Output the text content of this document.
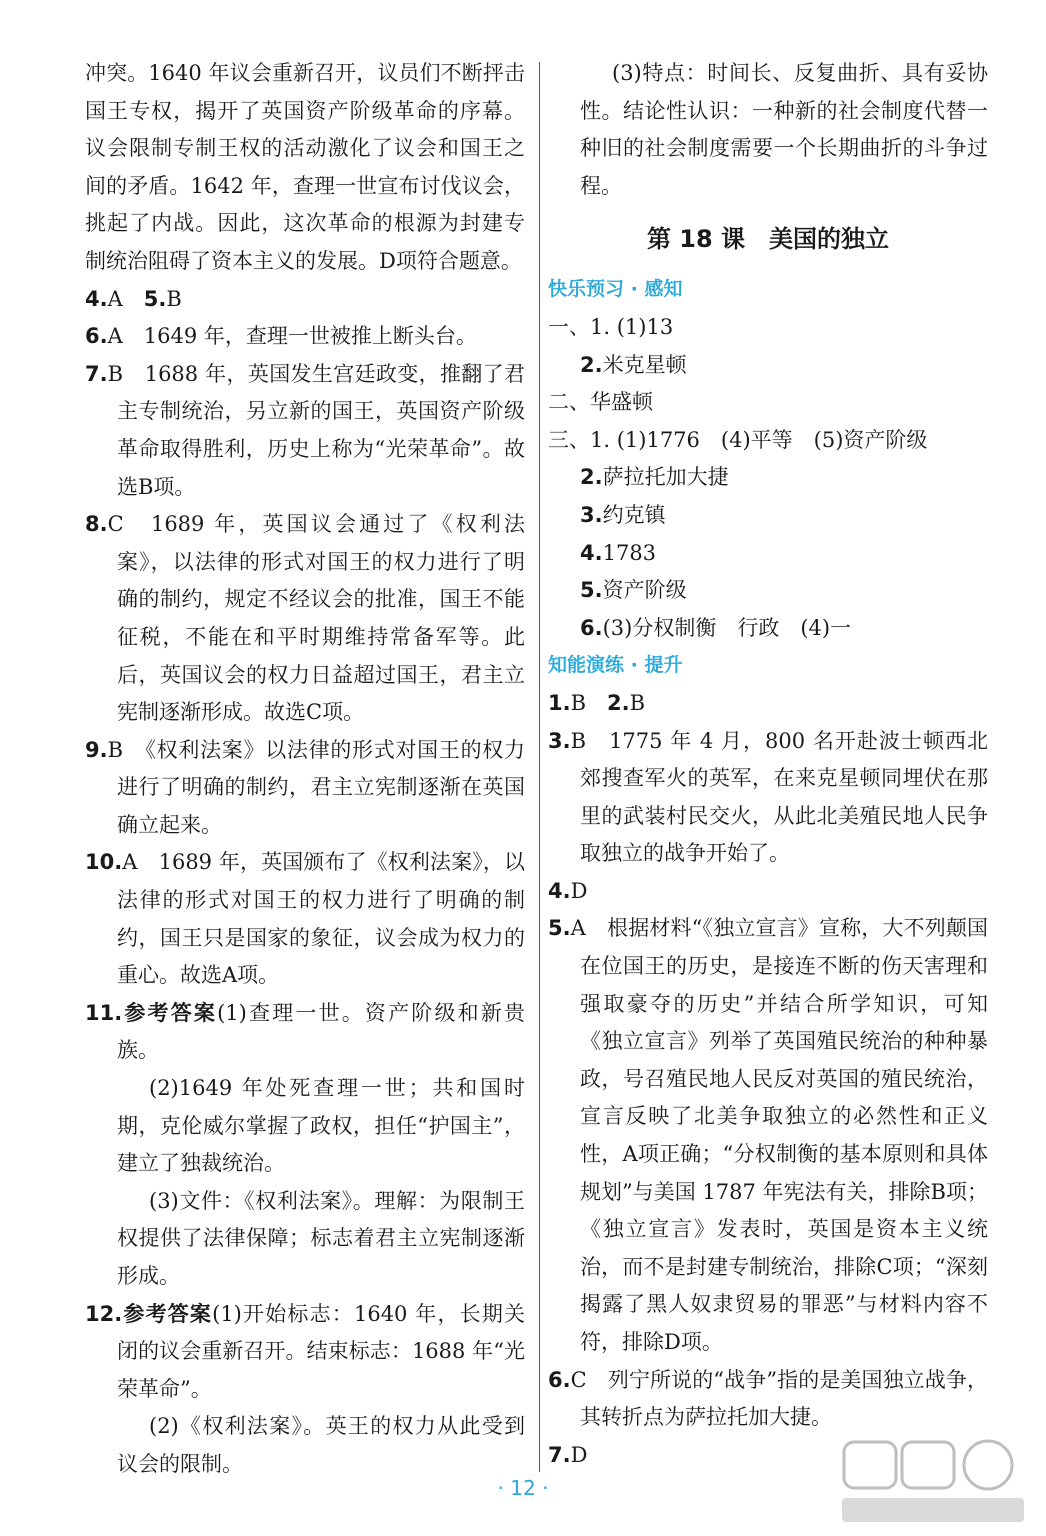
冲突。1640 年议会重新召开，议员们不断抨击国王专权，揭开了英国资产阶级革命的序幕。议会限制专制王权的活动激化了议会和国王之间的矛盾。1642 年，查理一世宣布讨伐议会，挑起了内战。因此，这次革命的根源为封建专制统治阻碍了资本主义的发展。D项符合题意。

4.A　5.B

6.A　1649 年，查理一世被推上断头台。

7.B　1688 年，英国发生宫廷政变，推翻了君主专制统治，另立新的国王，英国资产阶级革命取得胜利，历史上称为“光荣革命”。故选B项。

8.C　1689 年，英国议会通过了《权利法案》，以法律的形式对国王的权力进行了明确的制约，规定不经议会的批准，国王不能征税，不能在和平时期维持常备军等。此后，英国议会的权力日益超过国王，君主立宪制逐渐形成。故选C项。

9.B　《权利法案》以法律的形式对国王的权力进行了明确的制约，君主立宪制逐渐在英国确立起来。

10.A　1689 年，英国颁布了《权利法案》，以法律的形式对国王的权力进行了明确的制约，国王只是国家的象征，议会成为权力的重心。故选A项。

11.参考答案(1)查理一世。资产阶级和新贵族。

(2)1649 年处死查理一世；共和国时期，克伦威尔掌握了政权，担任“护国主”，建立了独裁统治。

(3)文件：《权利法案》。理解：为限制王权提供了法律保障；标志着君主立宪制逐渐形成。

12.参考答案(1)开始标志：1640 年，长期关闭的议会重新召开。结束标志：1688 年“光荣革命”。

(2)《权利法案》。英王的权力从此受到议会的限制。

(3)特点：时间长、反复曲折、具有妥协性。结论性认识：一种新的社会制度代替一种旧的社会制度需要一个长期曲折的斗争过程。

第 18 课　美国的独立
快乐预习 · 感知

一、1. (1)13

2.米克星顿

二、华盛顿

三、1. (1)1776　(4)平等　(5)资产阶级

2.萨拉托加大捷

3.约克镇

4.1783

5.资产阶级

6.(3)分权制衡　行政　(4)一

知能演练 · 提升

1.B　2.B

3.B　1775 年 4 月，800 名开赴波士顿西北郊搜查军火的英军，在来克星顿同埋伏在那里的武装村民交火，从此北美殖民地人民争取独立的战争开始了。

4.D

5.A　根据材料“《独立宣言》宣称，大不列颠国在位国王的历史，是接连不断的伤天害理和强取豪夺的历史”并结合所学知识，可知《独立宣言》列举了英国殖民统治的种种暴政，号召殖民地人民反对英国的殖民统治，宣言反映了北美争取独立的必然性和正义性，A项正确；“分权制衡的基本原则和具体规划”与美国 1787 年宪法有关，排除B项；《独立宣言》发表时，英国是资本主义统治，而不是封建专制统治，排除C项；“深刻揭露了黑人奴隶贸易的罪恶”与材料内容不符，排除D项。

6.C　列宁所说的“战争”指的是美国独立战争，其转折点为萨拉托加大捷。

7.D

· 12 ·
